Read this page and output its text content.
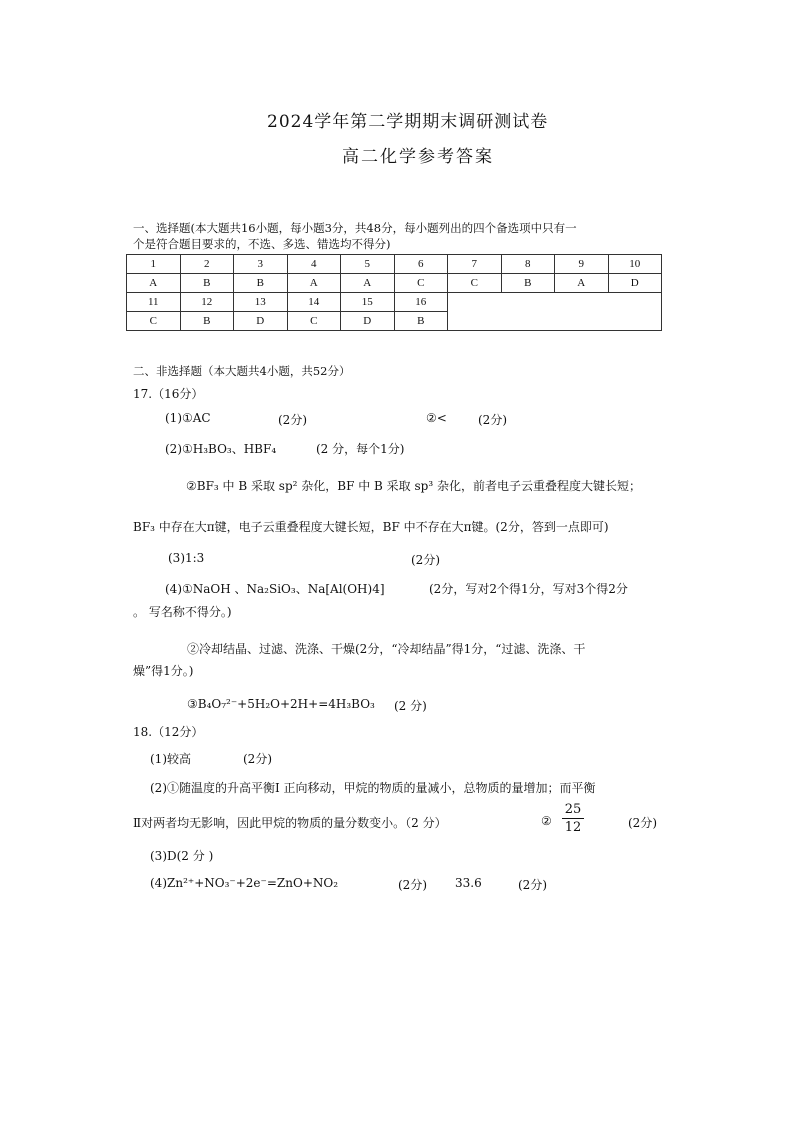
2024学年第二学期期末调研测试卷
高二化学参考答案
一、选择题(本大题共16小题，每小题3分，共48分，每小题列出的四个备选项中只有一
个是符合题目要求的，不选、多选、错选均不得分)
1	2	3	4	5	6	7	8	9	10
A	B	B	A	A	C	C	B	A	D
11	12	13	14	15	16				
C	B	D	C	D	B				
二、非选择题（本大题共4小题，共52分）
17.（16分）
(1)①AC	(2分)	②<	(2分)
(2)①H₃BO₃、HBF₄	(2 分，每个1分)
②BF₃ 中 B 采取 sp² 杂化，BF 中 B 采取 sp³ 杂化，前者电子云重叠程度大键长短；
BF₃ 中存在大π键，电子云重叠程度大键长短，BF 中不存在大π键。(2分，答到一点即可)
(3)1:3	(2分)
(4)①NaOH 、Na₂SiO₃、Na[Al(OH)4]	(2分，写对2个得1分，写对3个得2分
。 写名称不得分。)
②冷却结晶、过滤、洗涤、干燥(2分，“冷却结晶”得1分，“过滤、洗涤、干
燥”得1分。)
③B₄O₇²⁻+5H₂O+2H+=4H₃BO₃ (2 分)
18.（12分）
(1)较高	(2分)
(2)①随温度的升高平衡I 正向移动，甲烷的物质的量减小，总物质的量增加；而平衡
Ⅱ对两者均无影响，因此甲烷的物质的量分数变小。（2 分）	② $\frac{25}{12}$	(2分)
(3)D(2 分 )
(4)Zn²⁺+NO₃⁻+2e⁻=ZnO+NO₂	(2分) 33.6	(2分)
